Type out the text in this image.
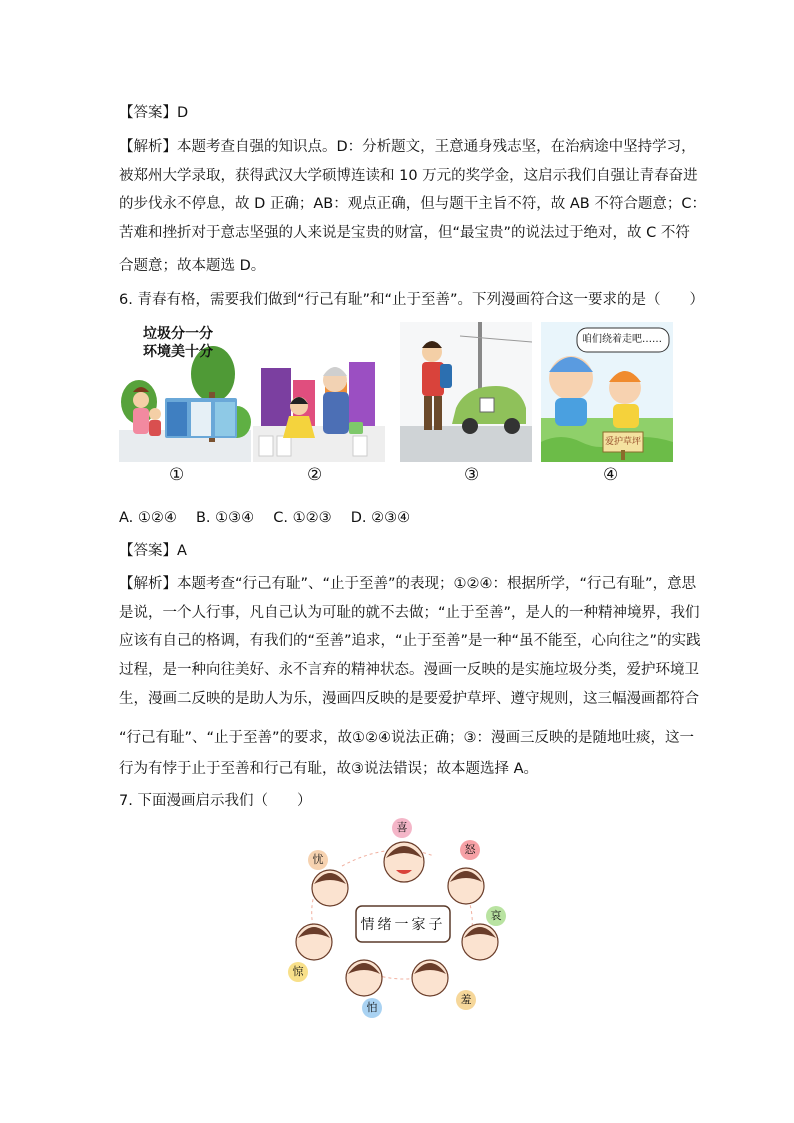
【答案】D
【解析】本题考查自强的知识点。D：分析题文，王意通身残志坚，在治病途中坚持学习，
被郑州大学录取，获得武汉大学硕博连读和 10 万元的奖学金，这启示我们自强让青春奋进
的步伐永不停息，故 D 正确；AB：观点正确，但与题干主旨不符，故 AB 不符合题意；C：
苦难和挫折对于意志坚强的人来说是宝贵的财富，但“最宝贵”的说法过于绝对，故 C 不符
合题意；故本题选 D。
6. 青春有格，需要我们做到“行己有耻”和“止于至善”。下列漫画符合这一要求的是（　　）
垃圾分一分
环境美十分
咱们绕着走吧……
爱护草坪
①	②	③	④
A. ①②④　 B. ①③④　 C. ①②③　 D. ②③④
【答案】A
【解析】本题考查“行己有耻”、“止于至善”的表现；①②④：根据所学，“行己有耻”，意思
是说，一个人行事，凡自己认为可耻的就不去做；“止于至善”，是人的一种精神境界，我们
应该有自己的格调，有我们的“至善”追求，“止于至善”是一种“虽不能至，心向往之”的实践
过程，是一种向往美好、永不言弃的精神状态。漫画一反映的是实施垃圾分类，爱护环境卫
生，漫画二反映的是助人为乐，漫画四反映的是要爱护草坪、遵守规则，这三幅漫画都符合
“行己有耻”、“止于至善”的要求，故①②④说法正确；③：漫画三反映的是随地吐痰，这一
行为有悖于止于至善和行己有耻，故③说法错误；故本题选择 A。
7. 下面漫画启示我们（　　）
情绪一家子
喜
怒
哀
羞
怕
惊
忧
